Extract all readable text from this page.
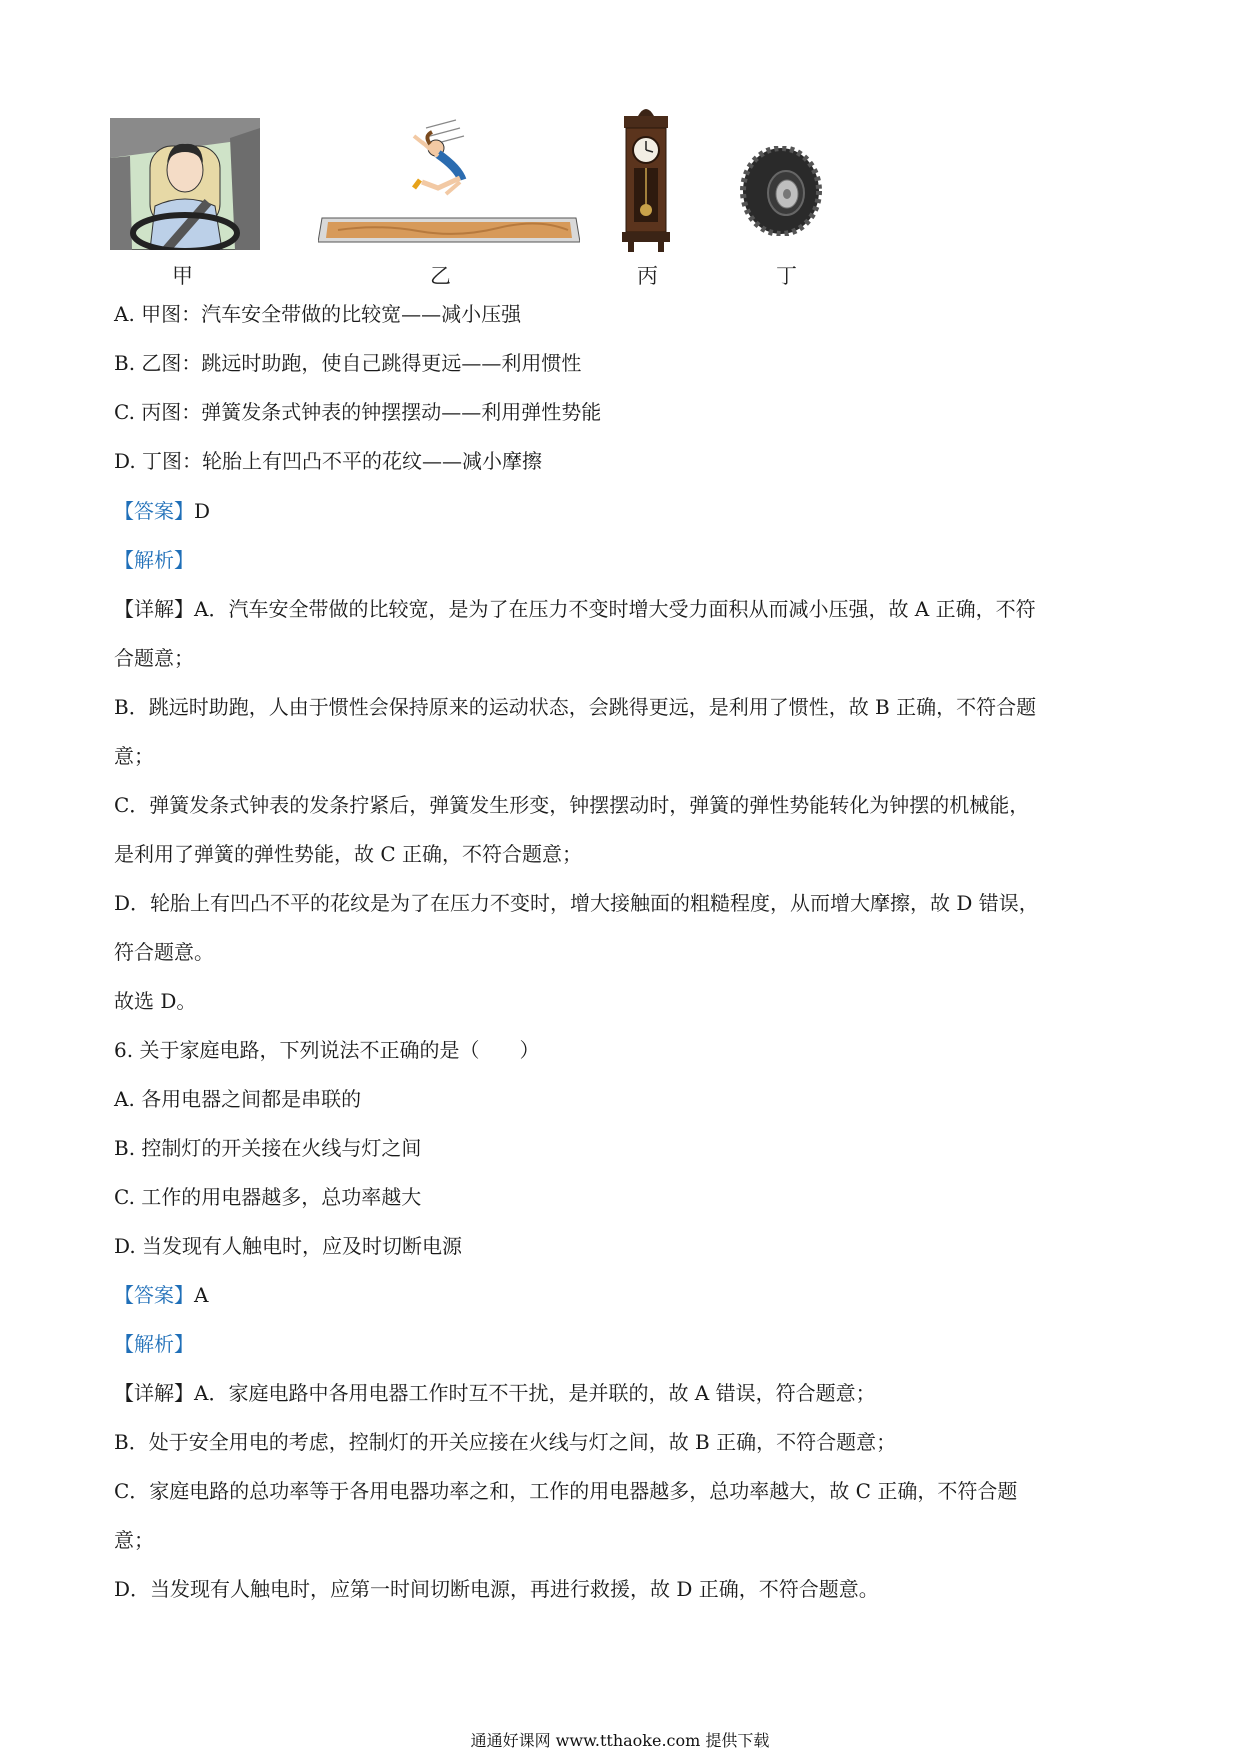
甲	乙	丙	丁
A. 甲图：汽车安全带做的比较宽——减小压强
B. 乙图：跳远时助跑，使自己跳得更远——利用惯性
C. 丙图：弹簧发条式钟表的钟摆摆动——利用弹性势能
D. 丁图：轮胎上有凹凸不平的花纹——减小摩擦
【答案】D
【解析】
【详解】A．汽车安全带做的比较宽，是为了在压力不变时增大受力面积从而减小压强，故 A 正确，不符
合题意；
B．跳远时助跑，人由于惯性会保持原来的运动状态，会跳得更远，是利用了惯性，故 B 正确，不符合题
意；
C．弹簧发条式钟表的发条拧紧后，弹簧发生形变，钟摆摆动时，弹簧的弹性势能转化为钟摆的机械能，
是利用了弹簧的弹性势能，故 C 正确，不符合题意；
D．轮胎上有凹凸不平的花纹是为了在压力不变时，增大接触面的粗糙程度，从而增大摩擦，故 D 错误，
符合题意。
故选 D。
6. 关于家庭电路，下列说法不正确的是（　　）
A. 各用电器之间都是串联的
B. 控制灯的开关接在火线与灯之间
C. 工作的用电器越多，总功率越大
D. 当发现有人触电时，应及时切断电源
【答案】A
【解析】
【详解】A．家庭电路中各用电器工作时互不干扰，是并联的，故 A 错误，符合题意；
B．处于安全用电的考虑，控制灯的开关应接在火线与灯之间，故 B 正确，不符合题意；
C．家庭电路的总功率等于各用电器功率之和，工作的用电器越多，总功率越大，故 C 正确，不符合题
意；
D．当发现有人触电时，应第一时间切断电源，再进行救援，故 D 正确，不符合题意。
通通好课网 www.tthaoke.com 提供下载
